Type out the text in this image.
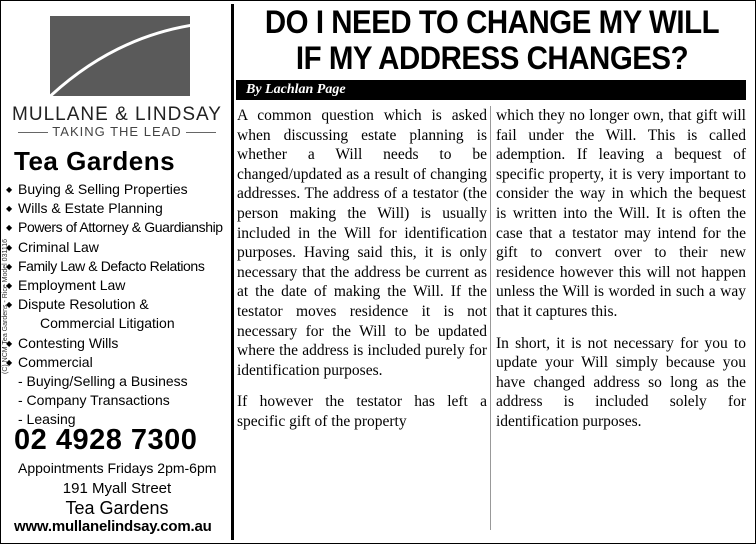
MULLANE & LINDSAY
TAKING THE LEAD
Tea Gardens
◆ Buying & Selling Properties
◆ Wills & Estate Planning
◆ Powers of Attorney & Guardianship
◆ Criminal Law
◆ Family Law & Defacto Relations
◆ Employment Law
◆ Dispute Resolution &
Commercial Litigation
◆ Contesting Wills
◆ Commercial
- Buying/Selling a Business
- Company Transactions
- Leasing
02 4928 7300
Appointments Fridays 2pm-6pm
191 Myall Street
Tea Gardens
www.mullanelindsay.com.au
(C) NCM Tea Gardens - Rice Model 031116
DO I NEED TO CHANGE MY WILL
IF MY ADDRESS CHANGES?
By Lachlan Page

A common question which is asked when discussing estate planning is whether a Will needs to be changed/updated as a result of changing addresses. The address of a testator (the person making the Will) is usually included in the Will for identification purposes. Having said this, it is only necessary that the address be current as at the date of making the Will. If the testator moves residence it is not necessary for the Will to be updated where the address is included purely for identification purposes.

If however the testator has left a specific gift of the property

which they no longer own, that gift will fail under the Will. This is called ademption. If leaving a bequest of specific property, it is very important to consider the way in which the bequest is written into the Will. It is often the case that a testator may intend for the gift to convert over to their new residence however this will not happen unless the Will is worded in such a way that it captures this.

In short, it is not necessary for you to update your Will simply because you have changed address so long as the address is included solely for identification purposes.
